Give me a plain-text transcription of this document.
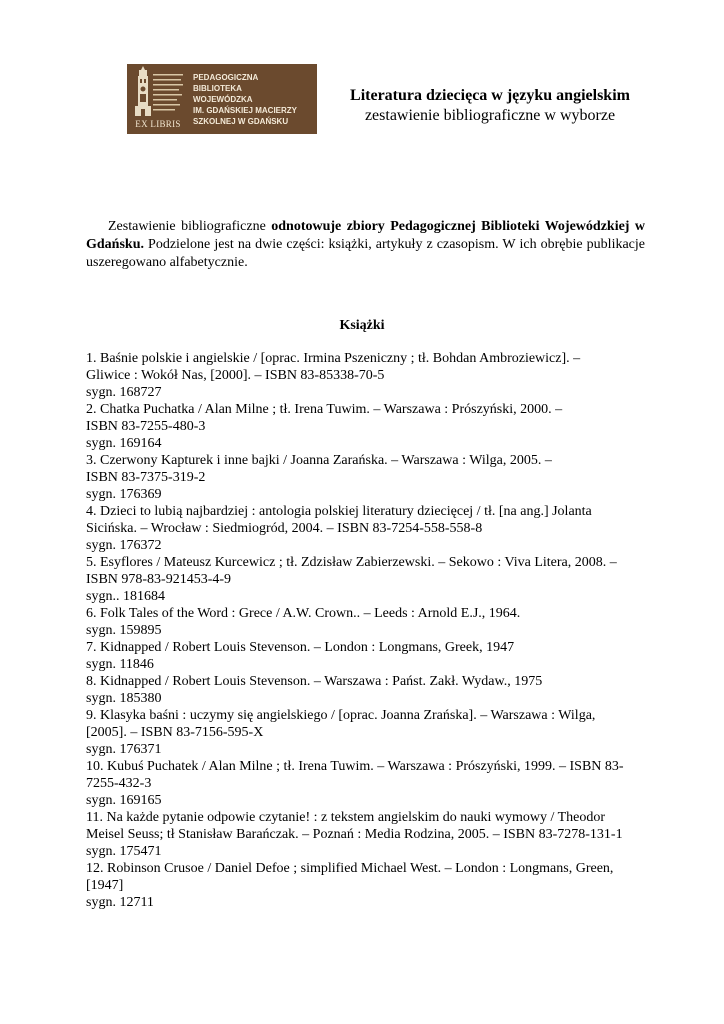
EX LIBRIS
PEDAGOGICZNA
BIBLIOTEKA
WOJEWÓDZKA
IM. GDAŃSKIEJ MACIERZY
SZKOLNEJ W GDAŃSKU
Literatura dziecięca w języku angielskim
zestawienie bibliograficzne w wyborze
Zestawienie bibliograficzne odnotowuje zbiory Pedagogicznej Biblioteki Wojewódzkiej w Gdańsku. Podzielone jest na dwie części: książki, artykuły z czasopism. W ich obrębie publikacje uszeregowano alfabetycznie.
Książki
1. Baśnie polskie i angielskie / [oprac. Irmina Pszeniczny ; tł. Bohdan Ambroziewicz]. –
Gliwice : Wokół Nas, [2000]. – ISBN 83-85338-70-5
sygn. 168727
2. Chatka Puchatka / Alan Milne ; tł. Irena Tuwim. – Warszawa : Prószyński, 2000. –
ISBN 83-7255-480-3
sygn. 169164
3. Czerwony Kapturek i inne bajki / Joanna Zarańska. – Warszawa : Wilga, 2005. –
ISBN 83-7375-319-2
sygn. 176369
4. Dzieci to lubią najbardziej : antologia polskiej literatury dziecięcej / tł. [na ang.] Jolanta
Sicińska. – Wrocław : Siedmiogród, 2004. – ISBN 83-7254-558-558-8
sygn. 176372
5. Esyflores / Mateusz Kurcewicz ; tł. Zdzisław Zabierzewski. – Sekowo : Viva Litera, 2008. –
ISBN 978-83-921453-4-9
sygn.. 181684
6. Folk Tales of the Word : Grece / A.W. Crown.. – Leeds : Arnold E.J., 1964.
sygn. 159895
7. Kidnapped / Robert Louis Stevenson. – London : Longmans, Greek, 1947
sygn. 11846
8. Kidnapped / Robert Louis Stevenson. – Warszawa : Państ. Zakł. Wydaw., 1975
sygn. 185380
9. Klasyka baśni : uczymy się angielskiego / [oprac. Joanna Zrańska]. – Warszawa : Wilga,
[2005]. – ISBN 83-7156-595-X
sygn. 176371
10. Kubuś Puchatek / Alan Milne ; tł. Irena Tuwim. – Warszawa : Prószyński, 1999. – ISBN 83-
7255-432-3
sygn. 169165
11. Na każde pytanie odpowie czytanie! : z tekstem angielskim do nauki wymowy / Theodor
Meisel Seuss; tł Stanisław Barańczak. – Poznań : Media Rodzina, 2005. – ISBN 83-7278-131-1
sygn. 175471
12. Robinson Crusoe / Daniel Defoe ; simplified Michael West. – London : Longmans, Green,
[1947]
sygn. 12711
